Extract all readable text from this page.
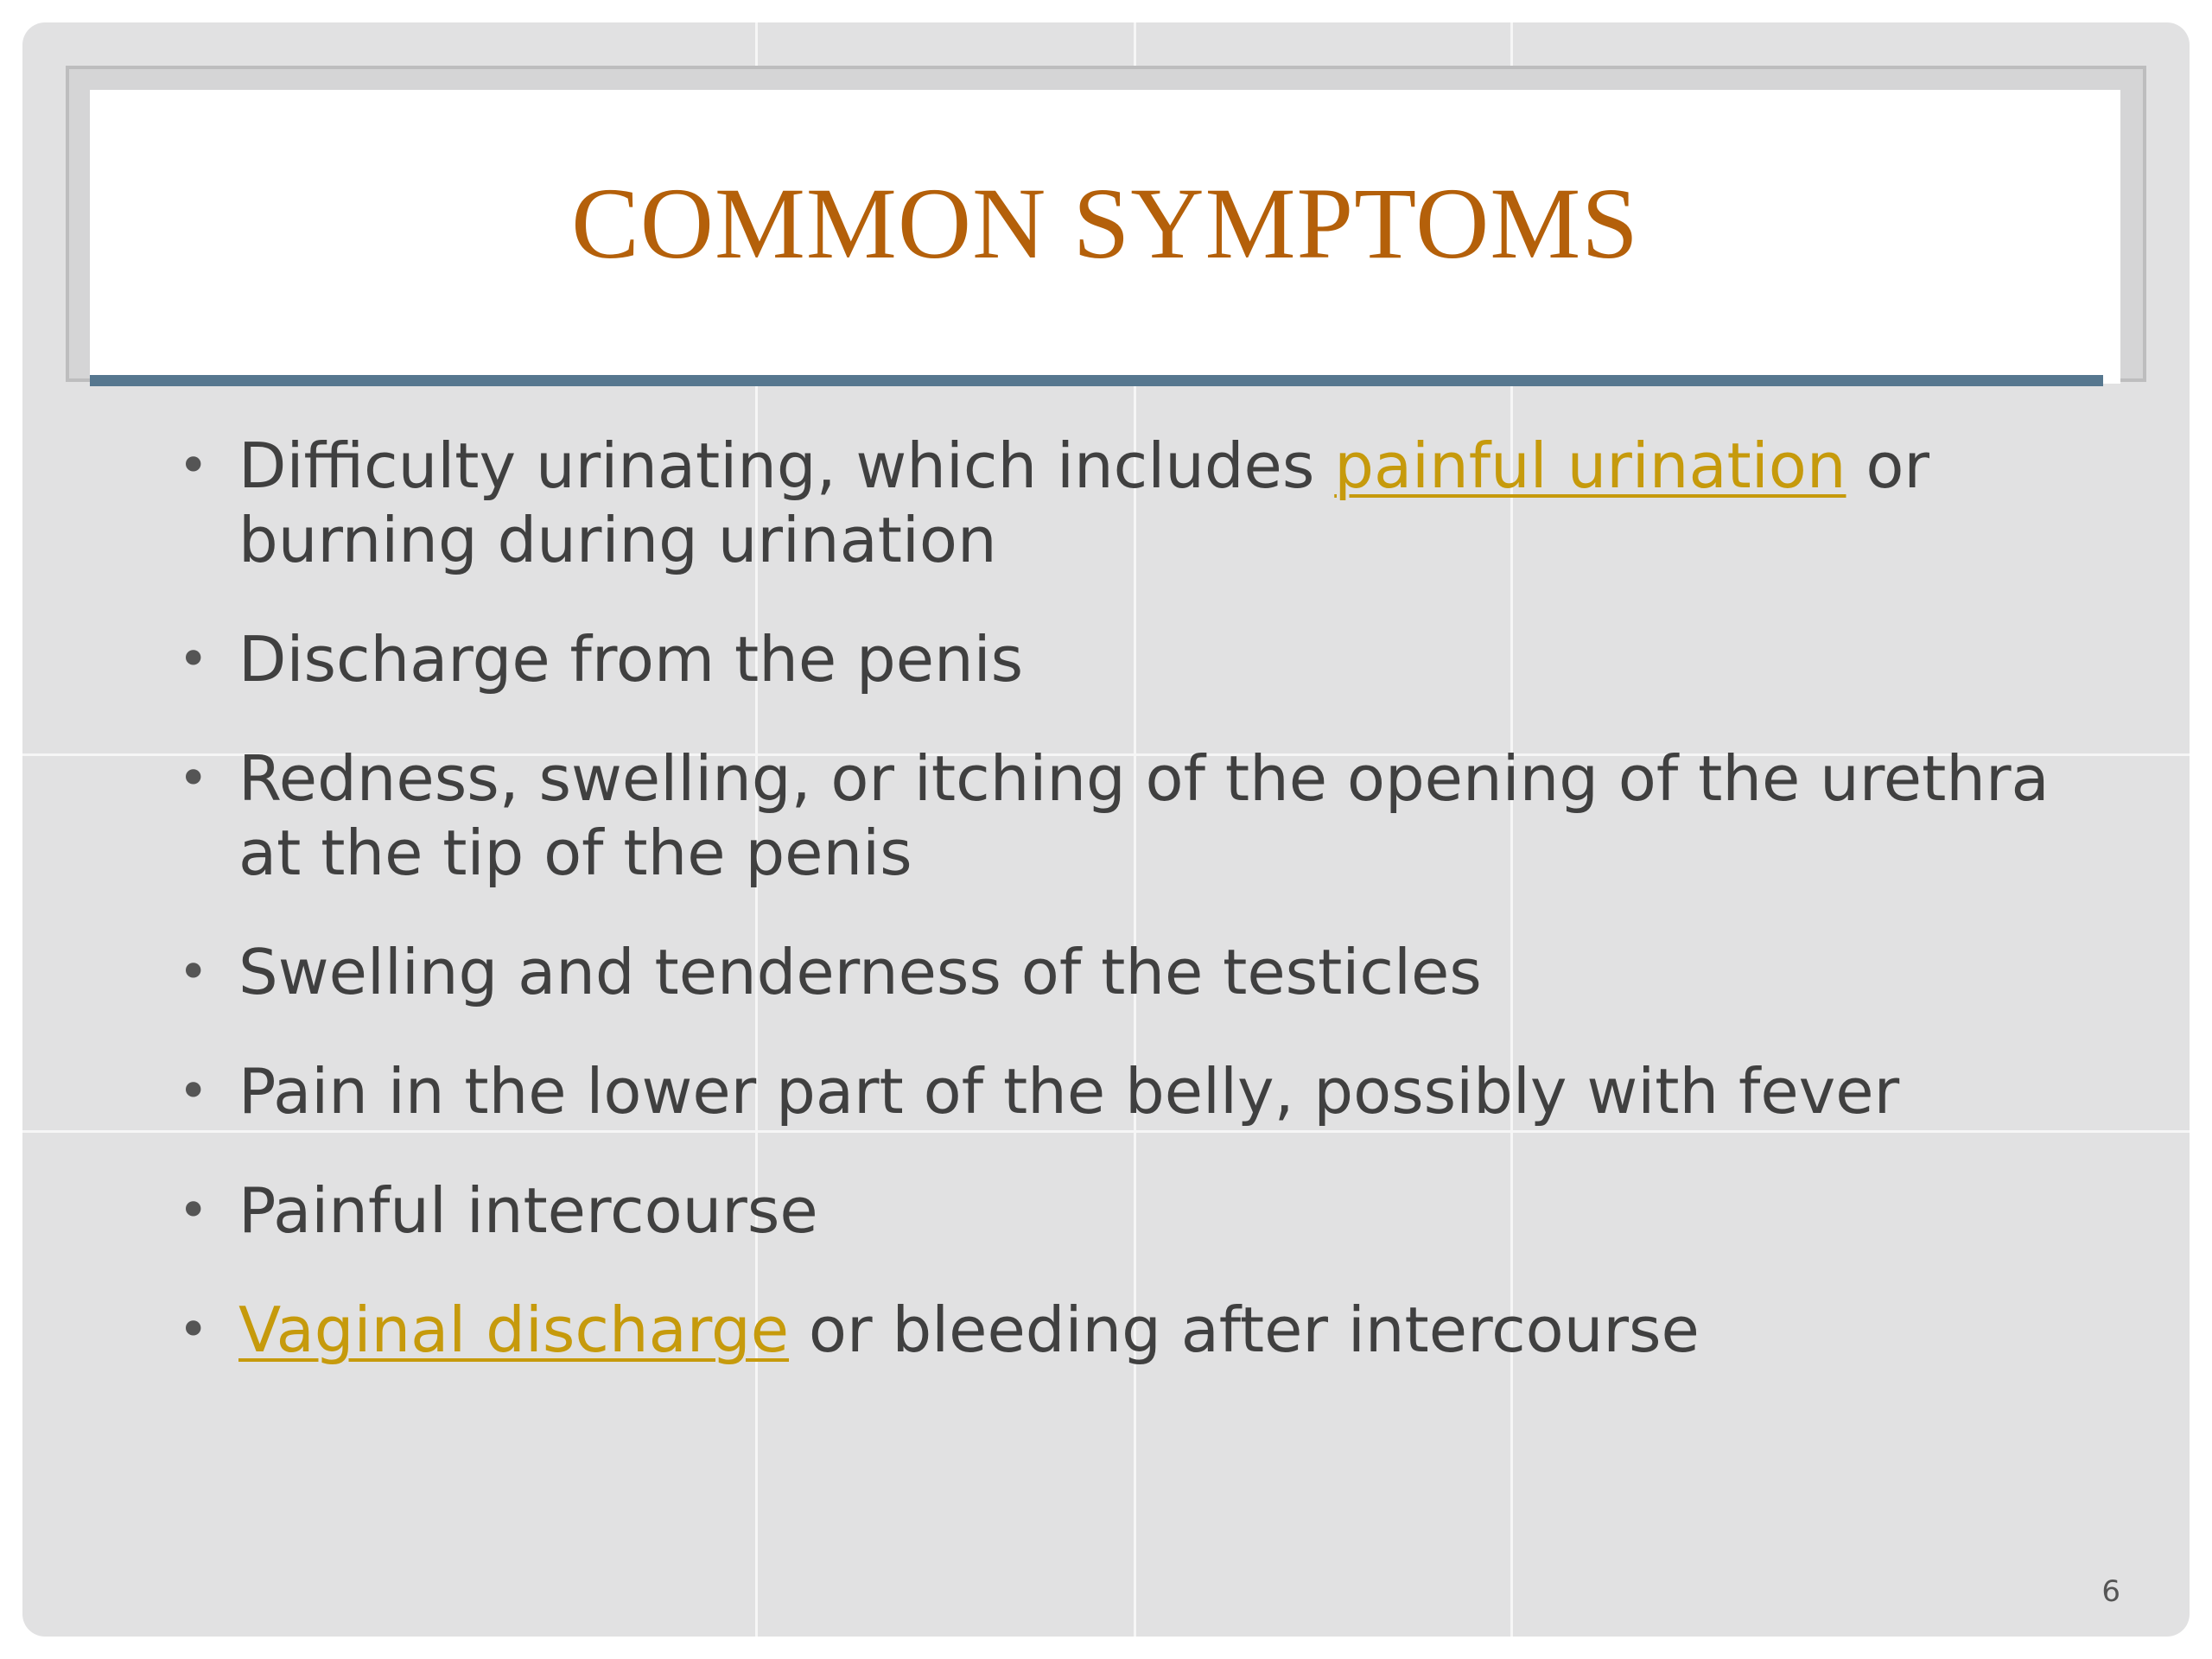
COMMON SYMPTOMS
• Difficulty urinating, which includes painful urination or burning during urination
• Discharge from the penis
• Redness, swelling, or itching of the opening of the urethra at the tip of the penis
• Swelling and tenderness of the testicles
• Pain in the lower part of the belly, possibly with fever
• Painful intercourse
• Vaginal discharge or bleeding after intercourse
6
